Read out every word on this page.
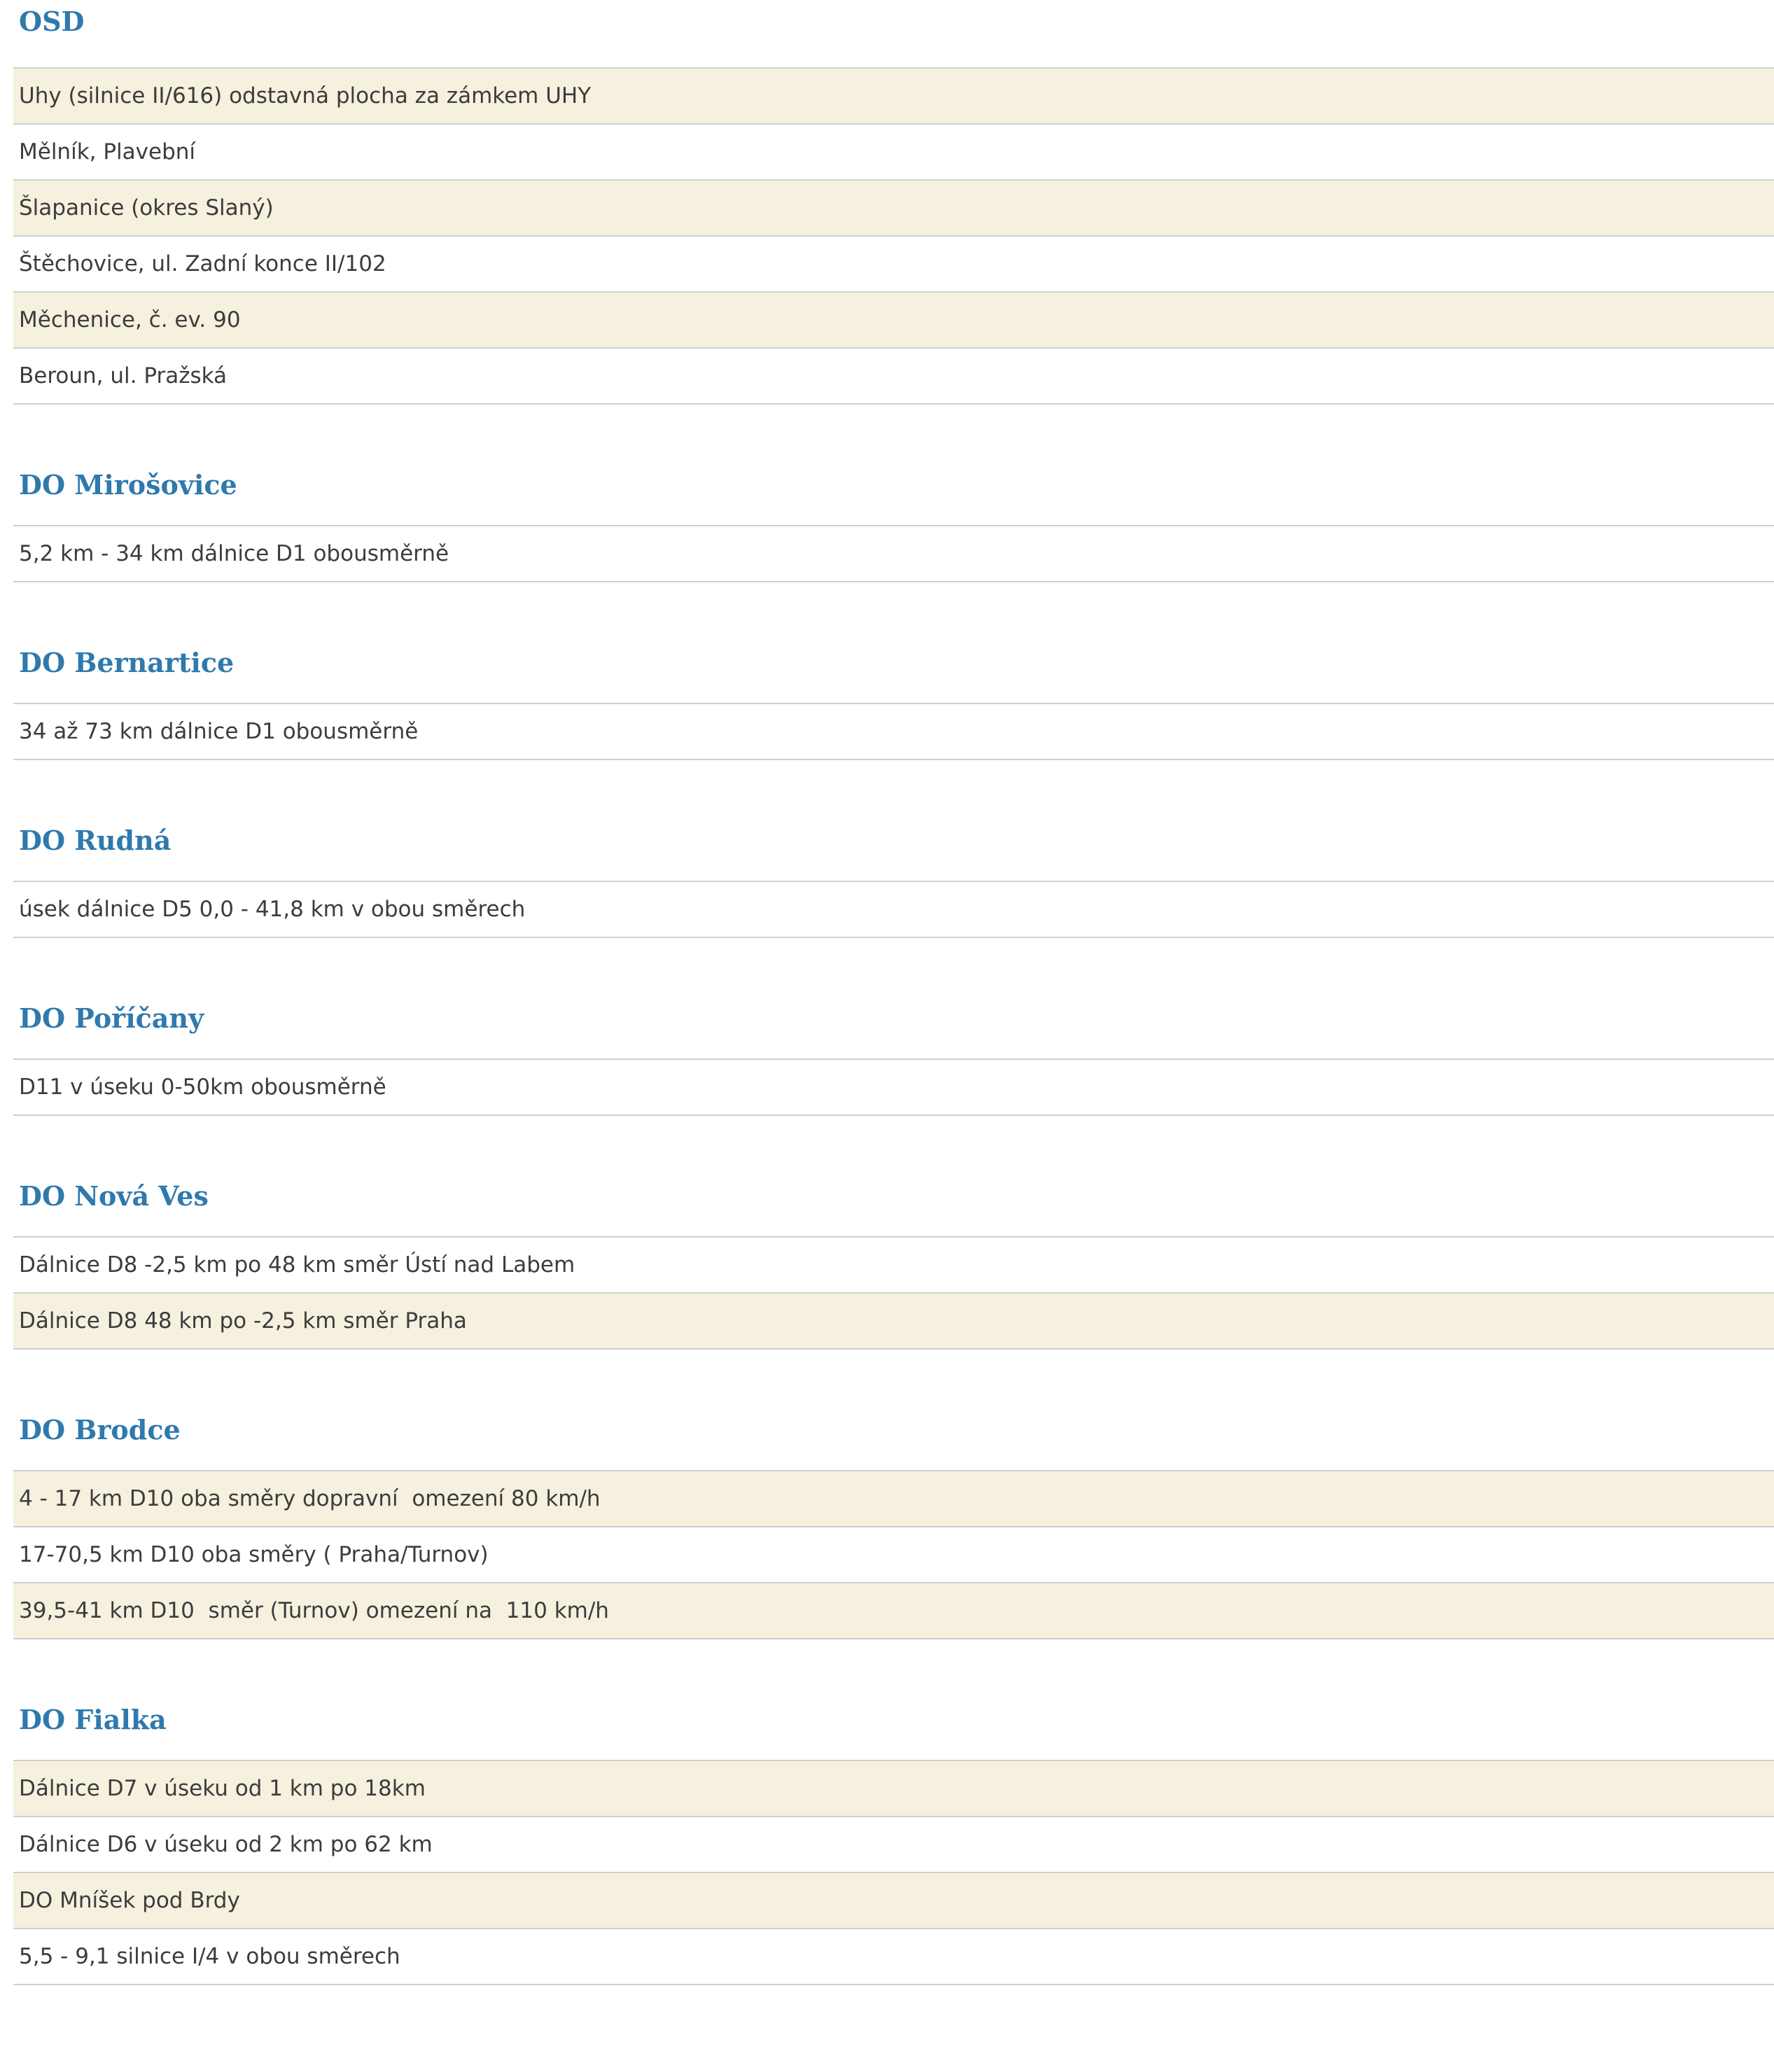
OSD
Uhy (silnice II/616) odstavná plocha za zámkem UHY
Mělník, Plavební
Šlapanice (okres Slaný)
Štěchovice, ul. Zadní konce II/102
Měchenice, č. ev. 90
Beroun, ul. Pražská
DO Mirošovice
5,2 km - 34 km dálnice D1 obousměrně
DO Bernartice
34 až 73 km dálnice D1 obousměrně
DO Rudná
úsek dálnice D5 0,0 - 41,8 km v obou směrech
DO Poříčany
D11 v úseku 0-50km obousměrně
DO Nová Ves
Dálnice D8 -2,5 km po 48 km směr Ústí nad Labem
Dálnice D8 48 km po -2,5 km směr Praha
DO Brodce
4 - 17 km D10 oba směry dopravní  omezení 80 km/h
17-70,5 km D10 oba směry ( Praha/Turnov)
39,5-41 km D10  směr (Turnov) omezení na  110 km/h
DO Fialka
Dálnice D7 v úseku od 1 km po 18km
Dálnice D6 v úseku od 2 km po 62 km
DO Mníšek pod Brdy
5,5 - 9,1 silnice I/4 v obou směrech
